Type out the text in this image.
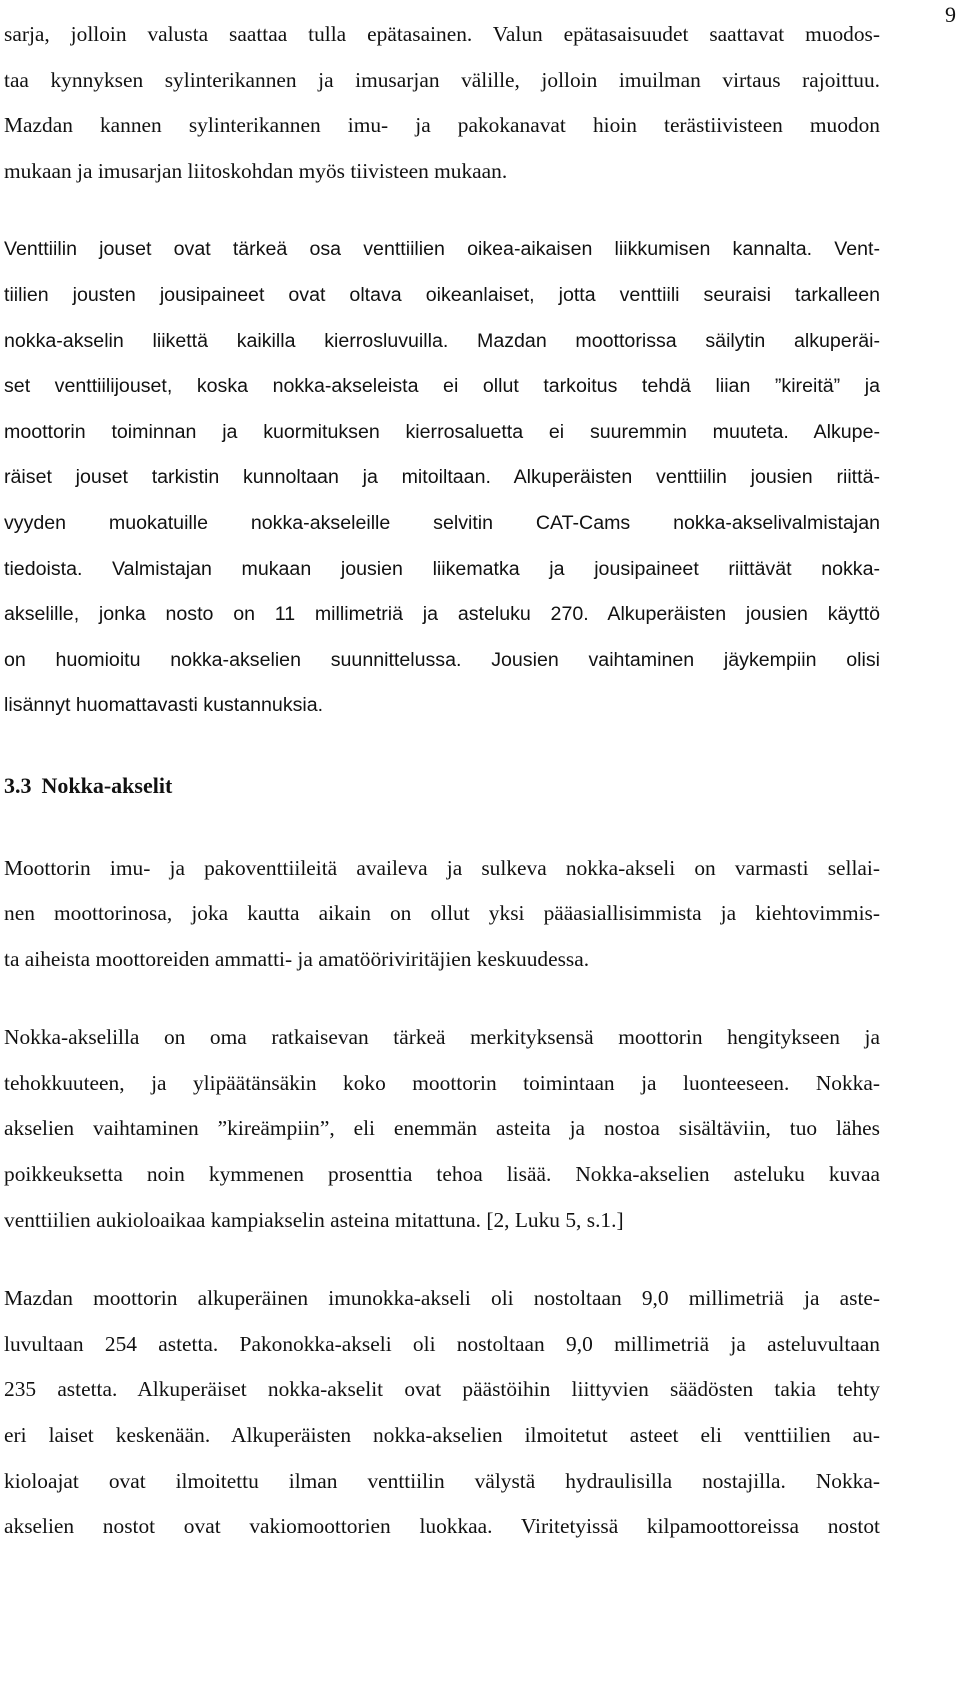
9
sarja, jolloin valusta saattaa tulla epätasainen. Valun epätasaisuudet saattavat muodos-
taa kynnyksen sylinterikannen ja imusarjan välille, jolloin imuilman virtaus rajoittuu.
Mazdan kannen sylinterikannen imu- ja pakokanavat hioin terästiivisteen muodon
mukaan ja imusarjan liitoskohdan myös tiivisteen mukaan.
Venttiilin jouset ovat tärkeä osa venttiilien oikea-aikaisen liikkumisen kannalta. Vent-
tiilien jousten jousipaineet ovat oltava oikeanlaiset, jotta venttiili seuraisi tarkalleen
nokka-akselin liikettä kaikilla kierrosluvuilla. Mazdan moottorissa säilytin alkuperäi-
set venttiilijouset, koska nokka-akseleista ei ollut tarkoitus tehdä liian ”kireitä” ja
moottorin toiminnan ja kuormituksen kierrosaluetta ei suuremmin muuteta. Alkupe-
räiset jouset tarkistin kunnoltaan ja mitoiltaan. Alkuperäisten venttiilin jousien riittä-
vyyden muokatuille nokka-akseleille selvitin CAT-Cams nokka-akselivalmistajan
tiedoista. Valmistajan mukaan jousien liikematka ja jousipaineet riittävät nokka-
akselille, jonka nosto on 11 millimetriä ja asteluku 270. Alkuperäisten jousien käyttö
on huomioitu nokka-akselien suunnittelussa. Jousien vaihtaminen jäykempiin olisi
lisännyt huomattavasti kustannuksia.
3.3 Nokka-akselit
Moottorin imu- ja pakoventtiileitä availeva ja sulkeva nokka-akseli on varmasti sellai-
nen moottorinosa, joka kautta aikain on ollut yksi pääasiallisimmista ja kiehtovimmis-
ta aiheista moottoreiden ammatti- ja amatööriviritäjien keskuudessa.
Nokka-akselilla on oma ratkaisevan tärkeä merkityksensä moottorin hengitykseen ja
tehokkuuteen, ja ylipäätänsäkin koko moottorin toimintaan ja luonteeseen. Nokka-
akselien vaihtaminen ”kireämpiin”, eli enemmän asteita ja nostoa sisältäviin, tuo lähes
poikkeuksetta noin kymmenen prosenttia tehoa lisää. Nokka-akselien asteluku kuvaa
venttiilien aukioloaikaa kampiakselin asteina mitattuna. [2, Luku 5, s.1.]
Mazdan moottorin alkuperäinen imunokka-akseli oli nostoltaan 9,0 millimetriä ja aste-
luvultaan 254 astetta. Pakonokka-akseli oli nostoltaan 9,0 millimetriä ja asteluvultaan
235 astetta. Alkuperäiset nokka-akselit ovat päästöihin liittyvien säädösten takia tehty
eri laiset keskenään. Alkuperäisten nokka-akselien ilmoitetut asteet eli venttiilien au-
kioloajat ovat ilmoitettu ilman venttiilin välystä hydraulisilla nostajilla. Nokka-
akselien nostot ovat vakiomoottorien luokkaa. Viritetyissä kilpamoottoreissa nostot
